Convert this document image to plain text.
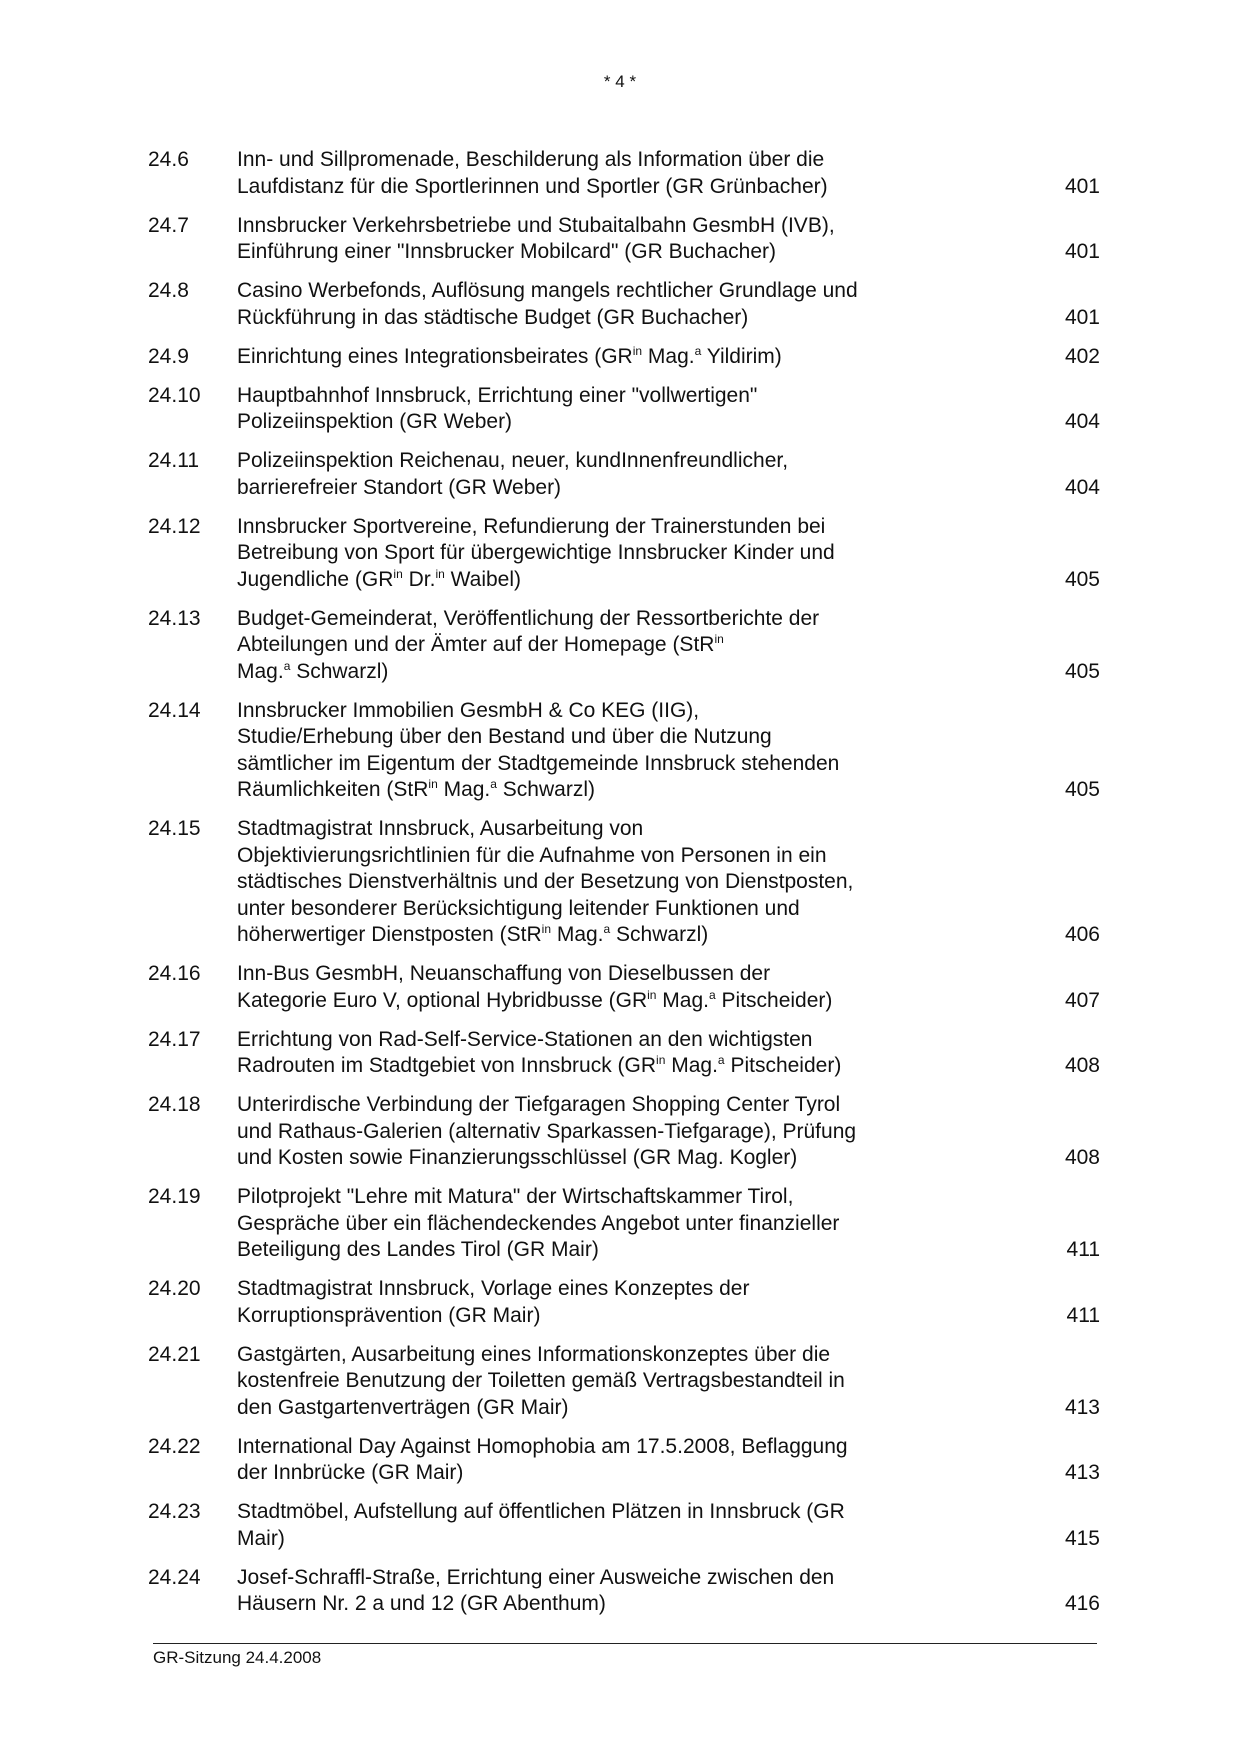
* 4 *
24.6 Inn- und Sillpromenade, Beschilderung als Information über die
Laufdistanz für die Sportlerinnen und Sportler (GR Grünbacher)	401
24.7 Innsbrucker Verkehrsbetriebe und Stubaitalbahn GesmbH (IVB),
Einführung einer "Innsbrucker Mobilcard" (GR Buchacher)	401
24.8 Casino Werbefonds, Auflösung mangels rechtlicher Grundlage und
Rückführung in das städtische Budget (GR Buchacher)	401
24.9 Einrichtung eines Integrationsbeirates ($GR^{in}$ Mag.$^a$ Yildirim)	402
24.10 Hauptbahnhof Innsbruck, Errichtung einer "vollwertigen"
Polizeiinspektion (GR Weber)	404
24.11 Polizeiinspektion Reichenau, neuer, kundInnenfreundlicher,
barrierefreier Standort (GR Weber)	404
24.12 Innsbrucker Sportvereine, Refundierung der Trainerstunden bei
Betreibung von Sport für übergewichtige Innsbrucker Kinder und
Jugendliche ($GR^{in}$ Dr.$^{in}$ Waibel)	405
24.13 Budget-Gemeinderat, Veröffentlichung der Ressortberichte der
Abteilungen und der Ämter auf der Homepage (StR$^{in}$
Mag.$^a$ Schwarzl)	405
24.14 Innsbrucker Immobilien GesmbH & Co KEG (IIG),
Studie/Erhebung über den Bestand und über die Nutzung
sämtlicher im Eigentum der Stadtgemeinde Innsbruck stehenden
Räumlichkeiten (StR$^{in}$ Mag.$^a$ Schwarzl)	405
24.15 Stadtmagistrat Innsbruck, Ausarbeitung von
Objektivierungsrichtlinien für die Aufnahme von Personen in ein
städtisches Dienstverhältnis und der Besetzung von Dienstposten,
unter besonderer Berücksichtigung leitender Funktionen und
höherwertiger Dienstposten (StR$^{in}$ Mag.$^a$ Schwarzl)	406
24.16 Inn-Bus GesmbH, Neuanschaffung von Dieselbussen der
Kategorie Euro V, optional Hybridbusse ($GR^{in}$ Mag.$^a$ Pitscheider)	407
24.17 Errichtung von Rad-Self-Service-Stationen an den wichtigsten
Radrouten im Stadtgebiet von Innsbruck ($GR^{in}$ Mag.$^a$ Pitscheider)	408
24.18 Unterirdische Verbindung der Tiefgaragen Shopping Center Tyrol
und Rathaus-Galerien (alternativ Sparkassen-Tiefgarage), Prüfung
und Kosten sowie Finanzierungsschlüssel (GR Mag. Kogler)	408
24.19 Pilotprojekt "Lehre mit Matura" der Wirtschaftskammer Tirol,
Gespräche über ein flächendeckendes Angebot unter finanzieller
Beteiligung des Landes Tirol (GR Mair)	411
24.20 Stadtmagistrat Innsbruck, Vorlage eines Konzeptes der
Korruptionsprävention (GR Mair)	411
24.21 Gastgärten, Ausarbeitung eines Informationskonzeptes über die
kostenfreie Benutzung der Toiletten gemäß Vertragsbestandteil in
den Gastgartenverträgen (GR Mair)	413
24.22 International Day Against Homophobia am 17.5.2008, Beflaggung
der Innbrücke (GR Mair)	413
24.23 Stadtmöbel, Aufstellung auf öffentlichen Plätzen in Innsbruck (GR
Mair)	415
24.24 Josef-Schraffl-Straße, Errichtung einer Ausweiche zwischen den
Häusern Nr. 2 a und 12 (GR Abenthum)	416
GR-Sitzung 24.4.2008
